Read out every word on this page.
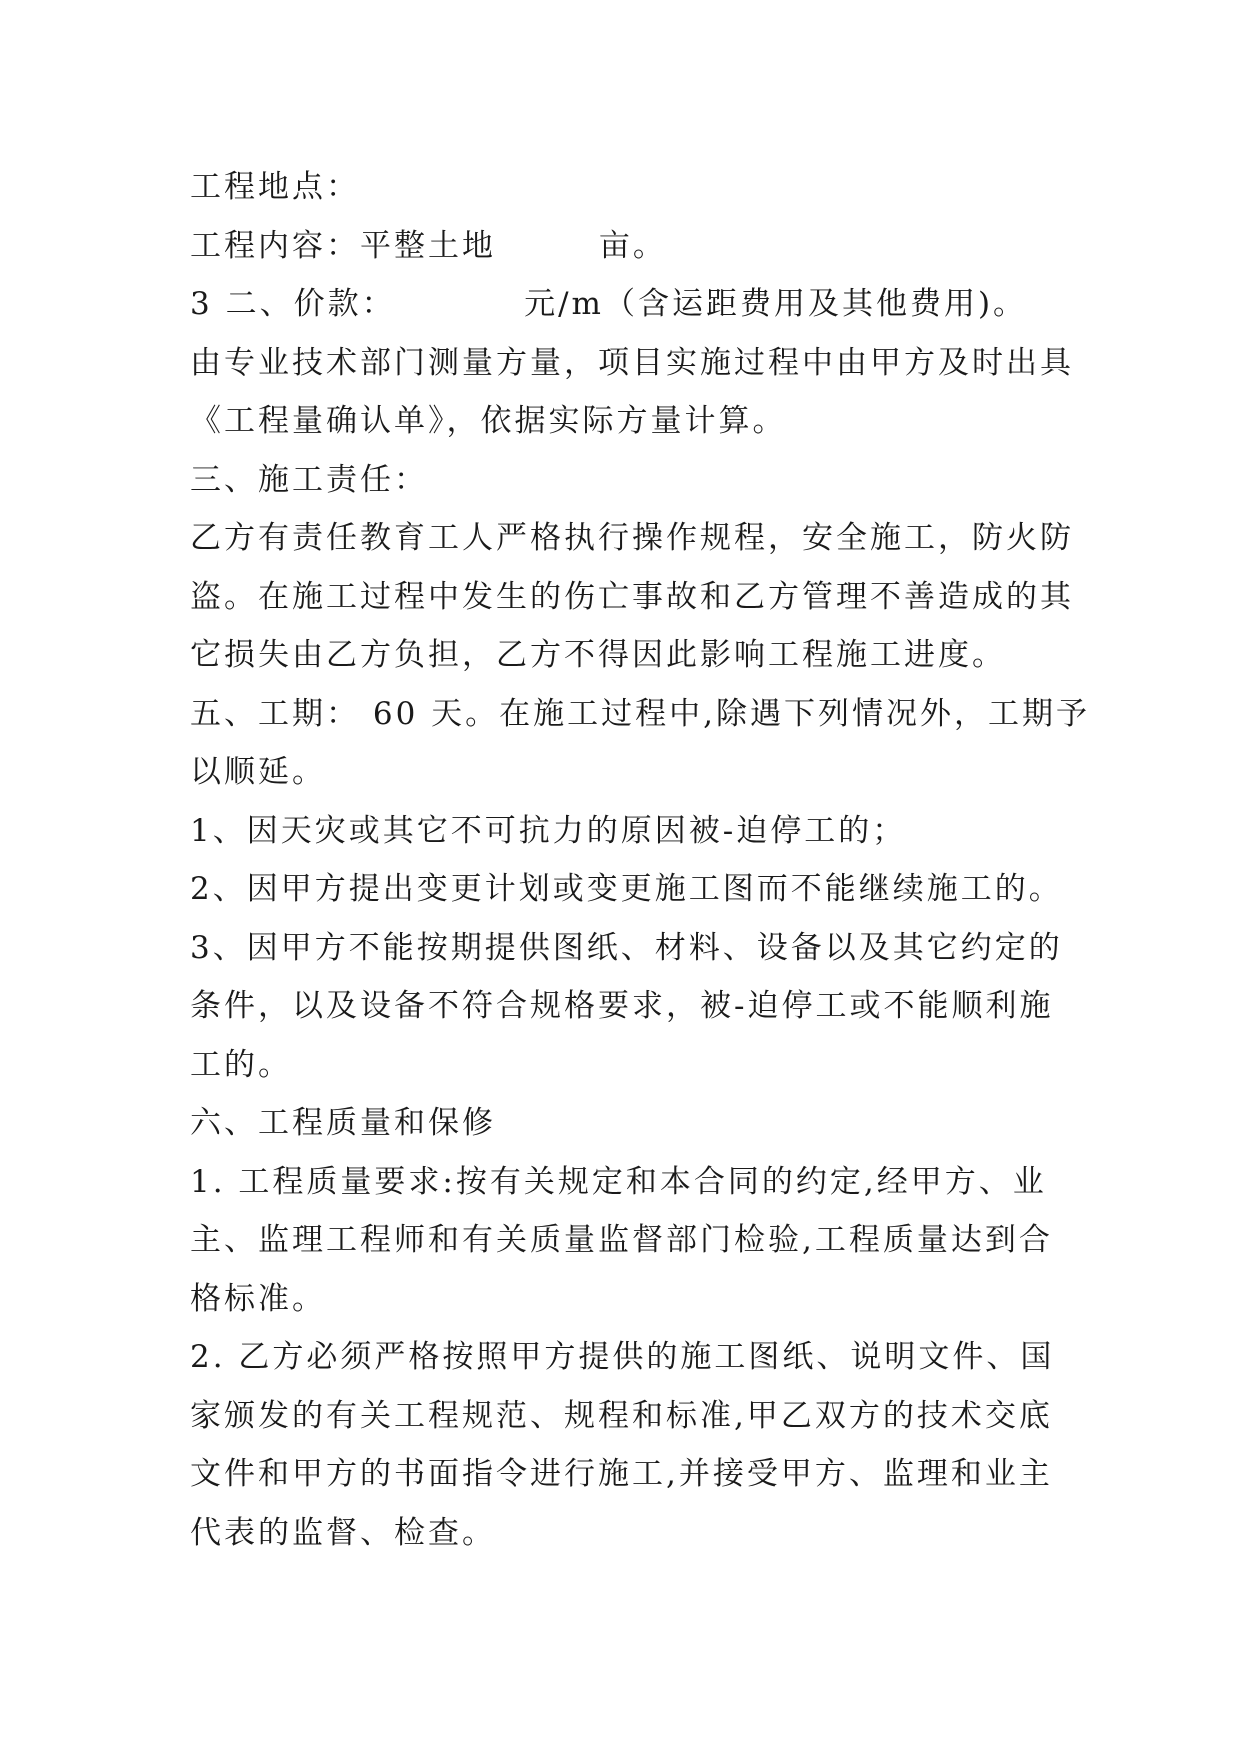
工程地点：
工程内容：平整土地        亩。
3 二、价款：          元/m（含运距费用及其他费用)。
由专业技术部门测量方量，项目实施过程中由甲方及时出具
《工程量确认单》，依据实际方量计算。
三、施工责任：
乙方有责任教育工人严格执行操作规程，安全施工，防火防
盗。在施工过程中发生的伤亡事故和乙方管理不善造成的其
它损失由乙方负担，乙方不得因此影响工程施工进度。
五、工期： 60 天。在施工过程中,除遇下列情况外，工期予
以顺延。
1、因天灾或其它不可抗力的原因被-迫停工的；
2、因甲方提出变更计划或变更施工图而不能继续施工的。
3、因甲方不能按期提供图纸、材料、设备以及其它约定的
条件，以及设备不符合规格要求，被-迫停工或不能顺利施
工的。
六、工程质量和保修
1. 工程质量要求:按有关规定和本合同的约定,经甲方、业
主、监理工程师和有关质量监督部门检验,工程质量达到合
格标准。
2. 乙方必须严格按照甲方提供的施工图纸、说明文件、国
家颁发的有关工程规范、规程和标准,甲乙双方的技术交底
文件和甲方的书面指令进行施工,并接受甲方、监理和业主
代表的监督、检查。
